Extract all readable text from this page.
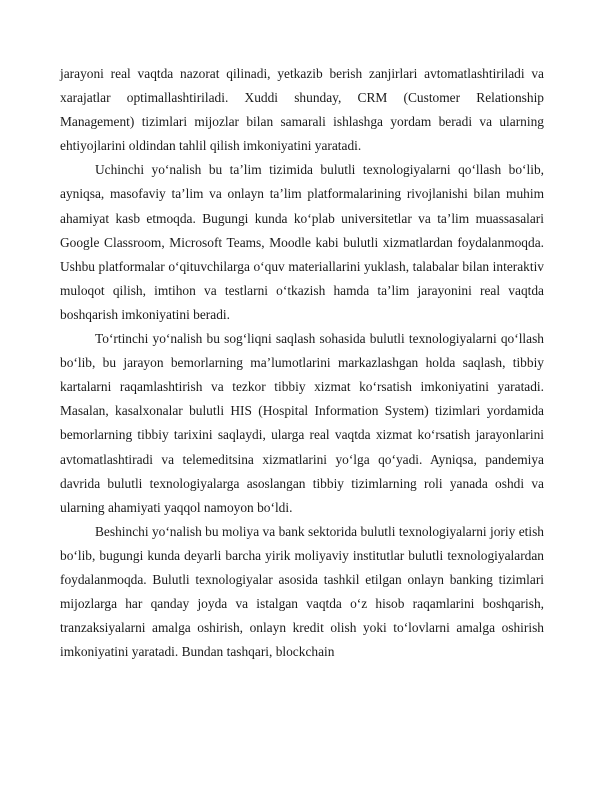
jarayoni real vaqtda nazorat qilinadi, yetkazib berish zanjirlari avtomatlashtiriladi va xarajatlar optimallashtiriladi. Xuddi shunday, CRM (Customer Relationship Management) tizimlari mijozlar bilan samarali ishlashga yordam beradi va ularning ehtiyojlarini oldindan tahlil qilish imkoniyatini yaratadi.

Uchinchi yo‘nalish bu ta’lim tizimida bulutli texnologiyalarni qo‘llash bo‘lib, ayniqsa, masofaviy ta’lim va onlayn ta’lim platformalarining rivojlanishi bilan muhim ahamiyat kasb etmoqda. Bugungi kunda ko‘plab universitetlar va ta’lim muassasalari Google Classroom, Microsoft Teams, Moodle kabi bulutli xizmatlardan foydalanmoqda. Ushbu platformalar o‘qituvchilarga o‘quv materiallarini yuklash, talabalar bilan interaktiv muloqot qilish, imtihon va testlarni o‘tkazish hamda ta’lim jarayonini real vaqtda boshqarish imkoniyatini beradi.

To‘rtinchi yo‘nalish bu sog‘liqni saqlash sohasida bulutli texnologiyalarni qo‘llash bo‘lib, bu jarayon bemorlarning ma’lumotlarini markazlashgan holda saqlash, tibbiy kartalarni raqamlashtirish va tezkor tibbiy xizmat ko‘rsatish imkoniyatini yaratadi. Masalan, kasalxonalar bulutli HIS (Hospital Information System) tizimlari yordamida bemorlarning tibbiy tarixini saqlaydi, ularga real vaqtda xizmat ko‘rsatish jarayonlarini avtomatlashtiradi va telemeditsina xizmatlarini yo‘lga qo‘yadi. Ayniqsa, pandemiya davrida bulutli texnologiyalarga asoslangan tibbiy tizimlarning roli yanada oshdi va ularning ahamiyati yaqqol namoyon bo‘ldi.

Beshinchi yo‘nalish bu moliya va bank sektorida bulutli texnologiyalarni joriy etish bo‘lib, bugungi kunda deyarli barcha yirik moliyaviy institutlar bulutli texnologiyalardan foydalanmoqda. Bulutli texnologiyalar asosida tashkil etilgan onlayn banking tizimlari mijozlarga har qanday joyda va istalgan vaqtda o‘z hisob raqamlarini boshqarish, tranzaksiyalarni amalga oshirish, onlayn kredit olish yoki to‘lovlarni amalga oshirish imkoniyatini yaratadi. Bundan tashqari, blockchain
